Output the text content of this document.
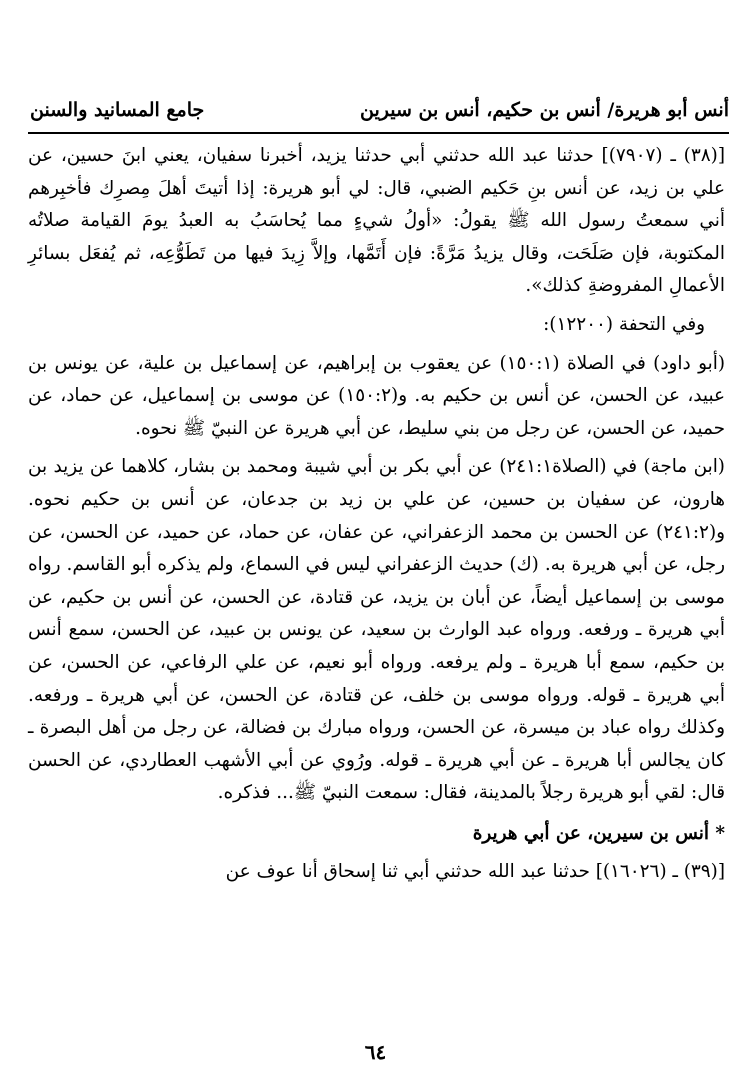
أنس أبو هريرة/ أنس بن حكيم، أنس بن سيرين
جامع المسانيد والسنن

[(٣٨) ـ (٧٩٠٧)] حدثنا عبد الله حدثني أبي حدثنا يزيد، أخبرنا سفيان، يعني ابنَ حسين، عن علي بن زيد، عن أنس بنِ حَكيم الضبي، قال: لي أبو هريرة: إذا أتيتَ أهلَ مِصرِك فأخبِرهم أني سمعتُ رسول الله ﷺ يقولُ: «أولُ شيءٍ مما يُحاسَبُ به العبدُ يومَ القيامة صلاتُه المكتوبة، فإن صَلَحَت، وقال يزيدُ مَرَّةً: فإن أَتَمَّها، وإلاَّ زِيدَ فيها من تَطَوُّعِه، ثم يُفعَل بسائرِ الأعمالِ المفروضةِ كذلك».

وفي التحفة (١٢٢٠٠):

(أبو داود) في الصلاة (١٥٠:١) عن يعقوب بن إبراهيم، عن إسماعيل بن علية، عن يونس بن عبيد، عن الحسن، عن أنس بن حكيم به. و(١٥٠:٢) عن موسى بن إسماعيل، عن حماد، عن حميد، عن الحسن، عن رجل من بني سليط، عن أبي هريرة عن النبيّ ﷺ نحوه.

(ابن ماجة) في (الصلاة٢٤١:١) عن أبي بكر بن أبي شيبة ومحمد بن بشار، كلاهما عن يزيد بن هارون، عن سفيان بن حسين، عن علي بن زيد بن جدعان، عن أنس بن حكيم نحوه. و(٢٤١:٢) عن الحسن بن محمد الزعفراني، عن عفان، عن حماد، عن حميد، عن الحسن، عن رجل، عن أبي هريرة به. (ك) حديث الزعفراني ليس في السماع، ولم يذكره أبو القاسم. رواه موسى بن إسماعيل أيضاً، عن أبان بن يزيد، عن قتادة، عن الحسن، عن أنس بن حكيم، عن أبي هريرة ـ ورفعه. ورواه عبد الوارث بن سعيد، عن يونس بن عبيد، عن الحسن، سمع أنس بن حكيم، سمع أبا هريرة ـ ولم يرفعه. ورواه أبو نعيم، عن علي الرفاعي، عن الحسن، عن أبي هريرة ـ قوله. ورواه موسى بن خلف، عن قتادة، عن الحسن، عن أبي هريرة ـ ورفعه. وكذلك رواه عباد بن ميسرة، عن الحسن، ورواه مبارك بن فضالة، عن رجل من أهل البصرة ـ كان يجالس أبا هريرة ـ عن أبي هريرة ـ قوله. ورُوي عن أبي الأشهب العطاردي، عن الحسن قال: لقي أبو هريرة رجلاً بالمدينة، فقال: سمعت النبيّ ﷺ... فذكره.

* أنس بن سيرين، عن أبي هريرة

[(٣٩) ـ (١٦٠٢٦)] حدثنا عبد الله حدثني أبي ثنا إسحاق أنا عوف عن

٦٤
